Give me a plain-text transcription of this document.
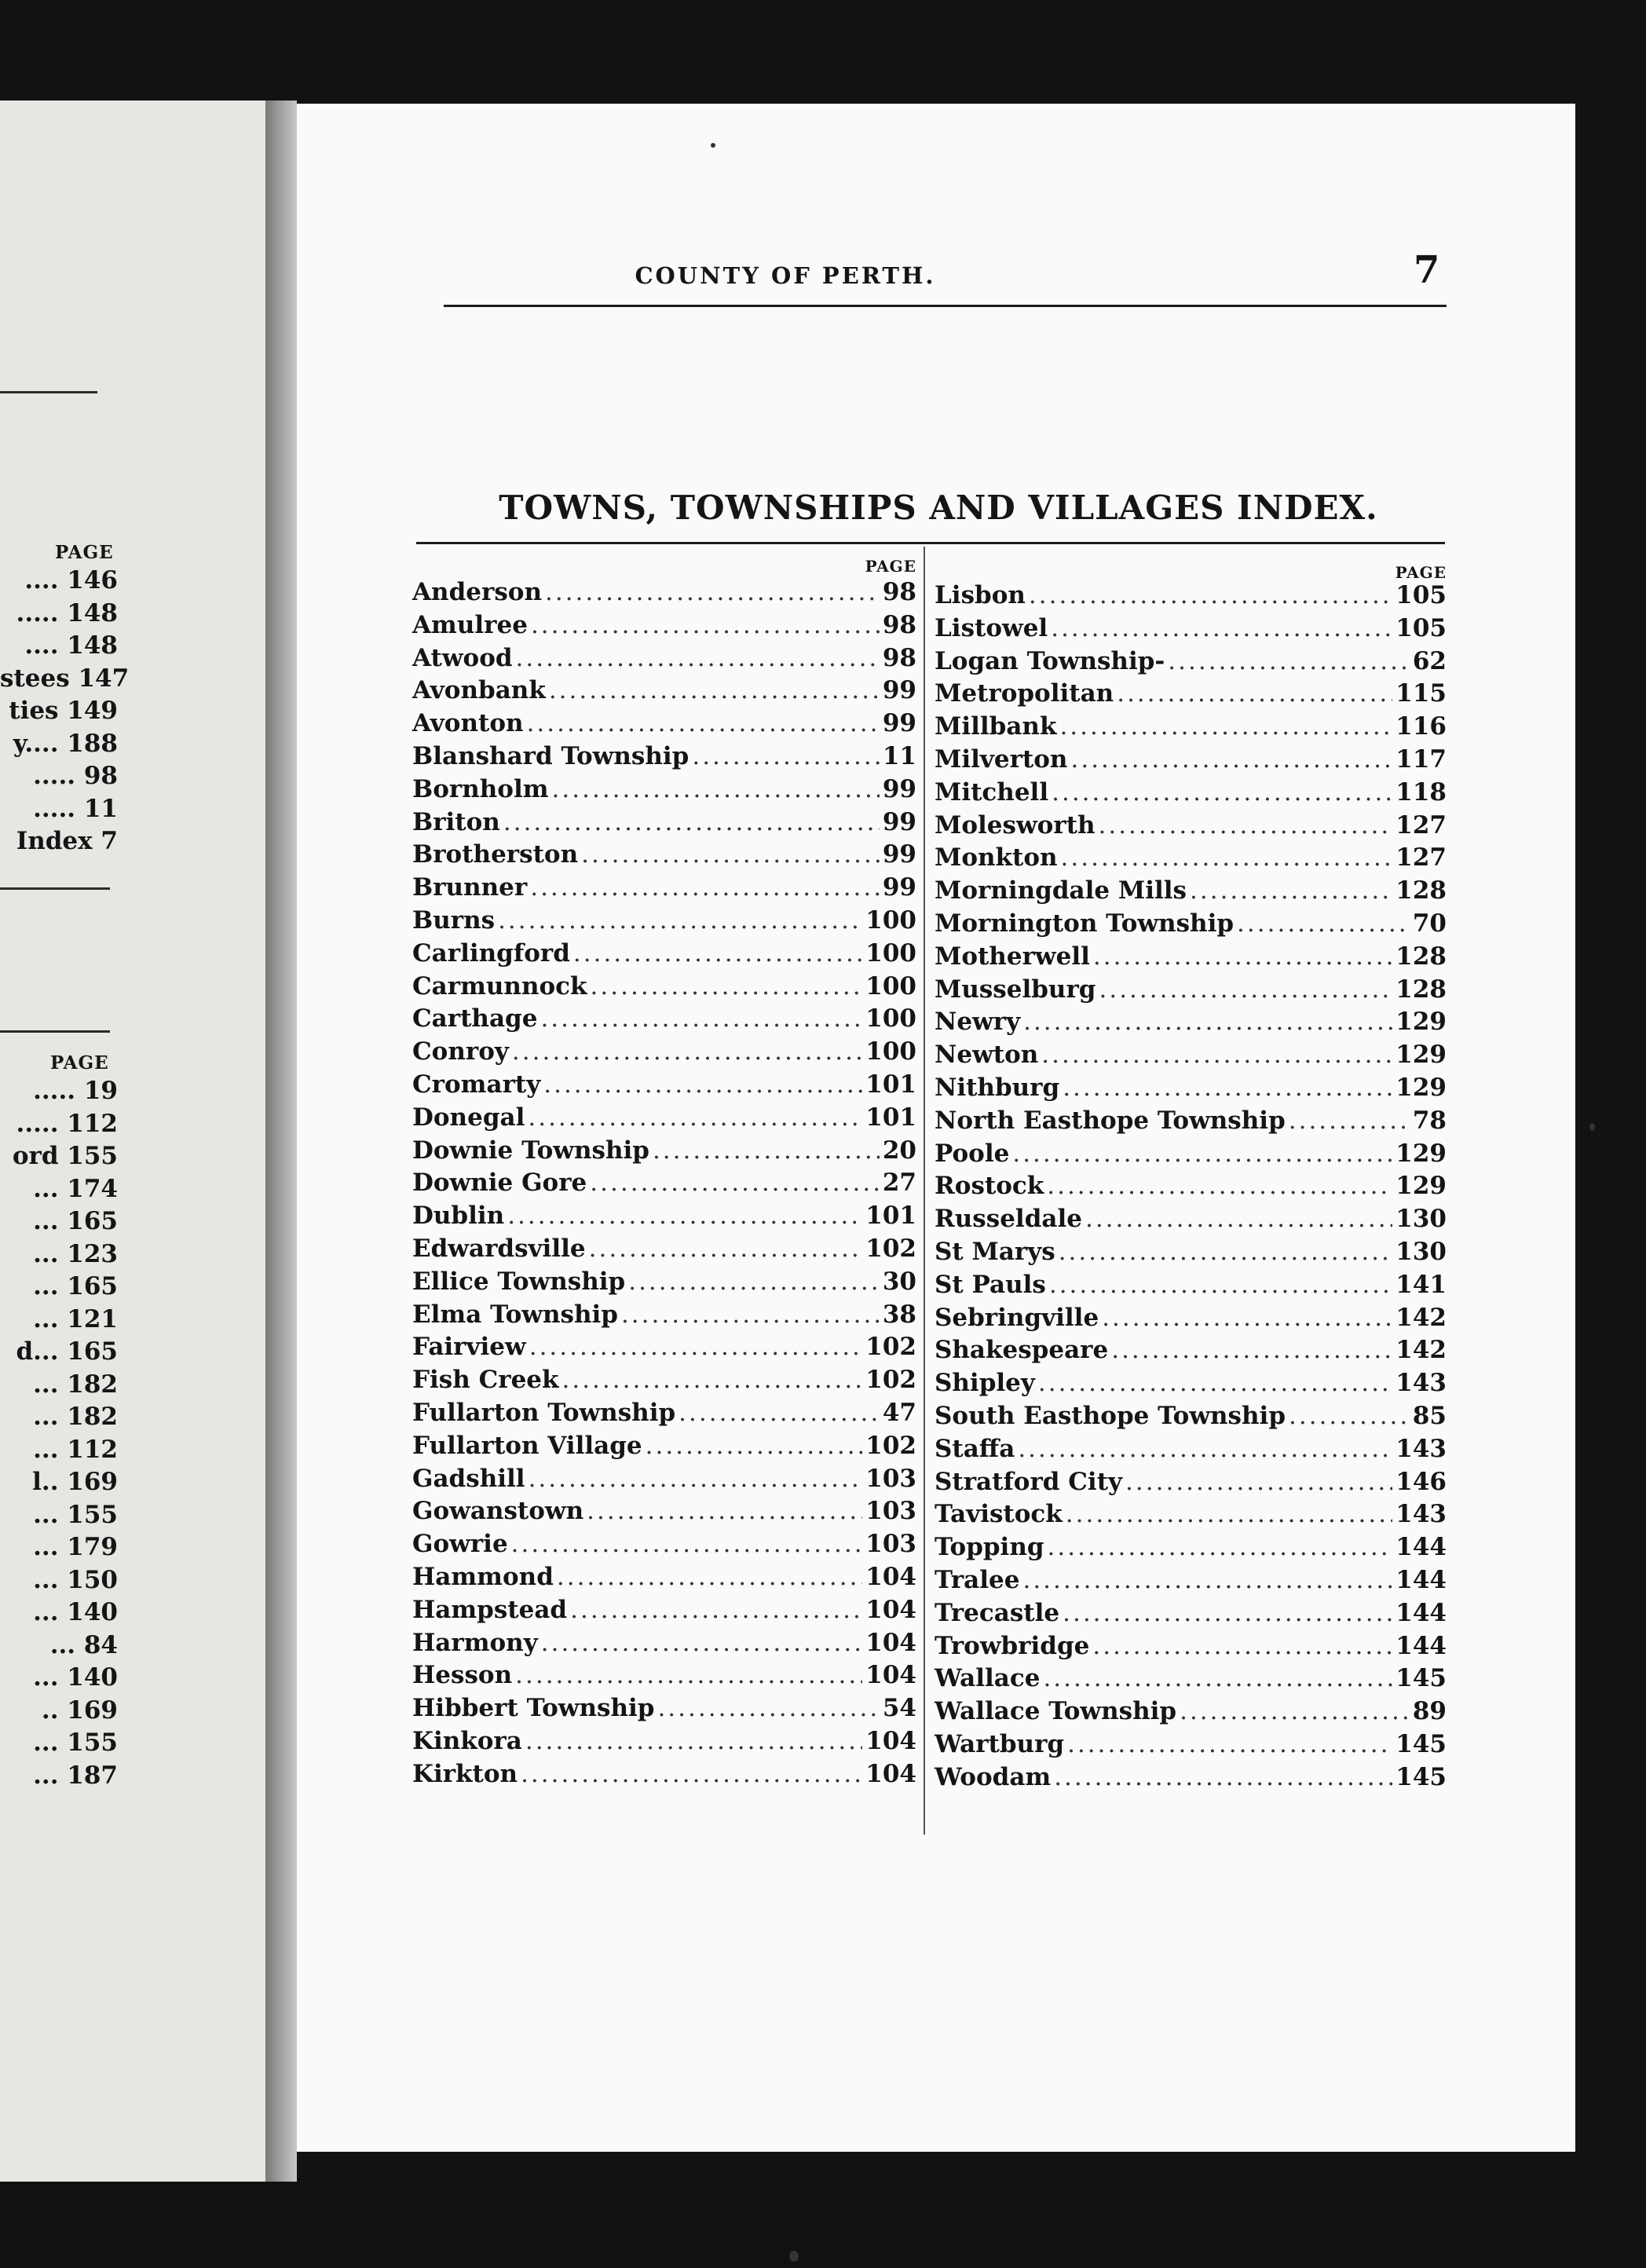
PAGE
.... 146
..... 148
.... 148
stees 147
ties 149
y.... 188
..... 98
..... 11
Index 7
PAGE
..... 19
..... 112
ord 155
... 174
... 165
... 123
... 165
... 121
d... 165
... 182
... 182
... 112
l.. 169
... 155
... 179
... 150
... 140
... 84
... 140
.. 169
... 155
... 187
COUNTY OF PERTH.	7
TOWNS, TOWNSHIPS AND VILLAGES INDEX.
PAGE
Anderson .....	98
Amulree .....	98
Atwood .....	98
Avonbank .....	99
Avonton .....	99
Blanshard Township .....	11
Bornholm .....	99
Briton .....	99
Brotherston .....	99
Brunner .....	99
Burns .....	100
Carlingford .....	100
Carmunnock .....	100
Carthage .....	100
Conroy .....	100
Cromarty .....	101
Donegal .....	101
Downie Township .....	20
Downie Gore .....	27
Dublin .....	101
Edwardsville .....	102
Ellice Township .....	30
Elma Township .....	38
Fairview .....	102
Fish Creek .....	102
Fullarton Township .....	47
Fullarton Village .....	102
Gadshill .....	103
Gowanstown .....	103
Gowrie .....	103
Hammond .....	104
Hampstead .....	104
Harmony .....	104
Hesson .....	104
Hibbert Township .....	54
Kinkora .....	104
Kirkton .....	104
PAGE
Lisbon .....	105
Listowel .....	105
Logan Township- .....	62
Metropolitan .....	115
Millbank .....	116
Milverton .....	117
Mitchell .....	118
Molesworth .....	127
Monkton .....	127
Morningdale Mills .....	128
Mornington Township .....	70
Motherwell .....	128
Musselburg .....	128
Newry .....	129
Newton .....	129
Nithburg .....	129
North Easthope Township .....	78
Poole .....	129
Rostock .....	129
Russeldale .....	130
St Marys .....	130
St Pauls .....	141
Sebringville .....	142
Shakespeare .....	142
Shipley .....	143
South Easthope Township .....	85
Staffa .....	143
Stratford City .....	146
Tavistock .....	143
Topping .....	144
Tralee .....	144
Trecastle .....	144
Trowbridge .....	144
Wallace .....	145
Wallace Township .....	89
Wartburg .....	145
Woodam .....	145
